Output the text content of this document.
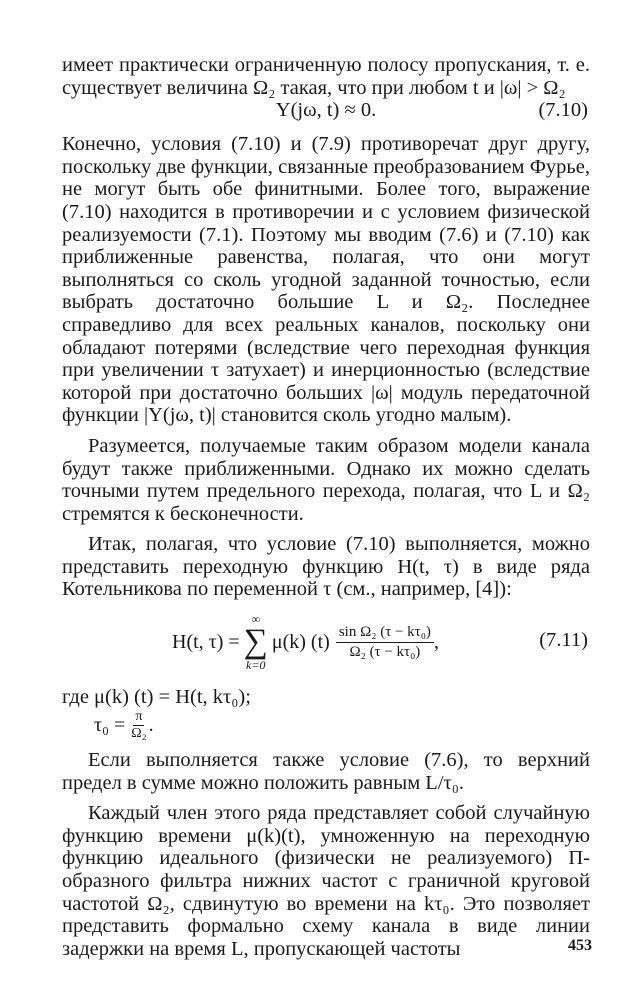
имеет практически ограниченную полосу пропускания, т. е. существует величина Ω₂ такая, что при любом t и |ω| > Ω₂

Y(jω, t) ≈ 0.	(7.10)

Конечно, условия (7.10) и (7.9) противоречат друг другу, поскольку две функции, связанные преобразованием Фурье, не могут быть обе финитными. Более того, выражение (7.10) находится в противоречии и с условием физической реализуемости (7.1). Поэтому мы вводим (7.6) и (7.10) как приближенные равенства, полагая, что они могут выполняться со сколь угодной заданной точностью, если выбрать достаточно большие L и Ω₂. Последнее справедливо для всех реальных каналов, поскольку они обладают потерями (вследствие чего переходная функция при увеличении τ затухает) и инерционностью (вследствие которой при достаточно больших |ω| модуль передаточной функции |Y(jω, t)| становится сколь угодно малым).

Разумеется, получаемые таким образом модели канала будут также приближенными. Однако их можно сделать точными путем предельного перехода, полагая, что L и Ω₂ стремятся к бесконечности.

Итак, полагая, что условие (7.10) выполняется, можно представить переходную функцию H(t, τ) в виде ряда Котельникова по переменной τ (см., например, [4]):

H(t, τ) =
∞
∑
k=0
μ(k) $(t) \frac{\text{sin Ω₂ (τ − kτ₀)}}{\text{Ω₂ (τ − kτ₀)}}$ ,	(7.11)
где μ(k) (t) = H(t, kτ₀);
$\tau_0 = \frac{\pi}{\text{Ω₂}}$ .

Если выполняется также условие (7.6), то верхний предел в сумме можно положить равным L/τ₀.

Каждый член этого ряда представляет собой случайную функцию времени μ(k)(t), умноженную на переходную функцию идеального (физически не реализуемого) П-образного фильтра нижних частот с граничной круговой частотой Ω₂, сдвинутую во времени на kτ₀. Это позволяет представить формально схему канала в виде линии задержки на время L, пропускающей частоты	453
